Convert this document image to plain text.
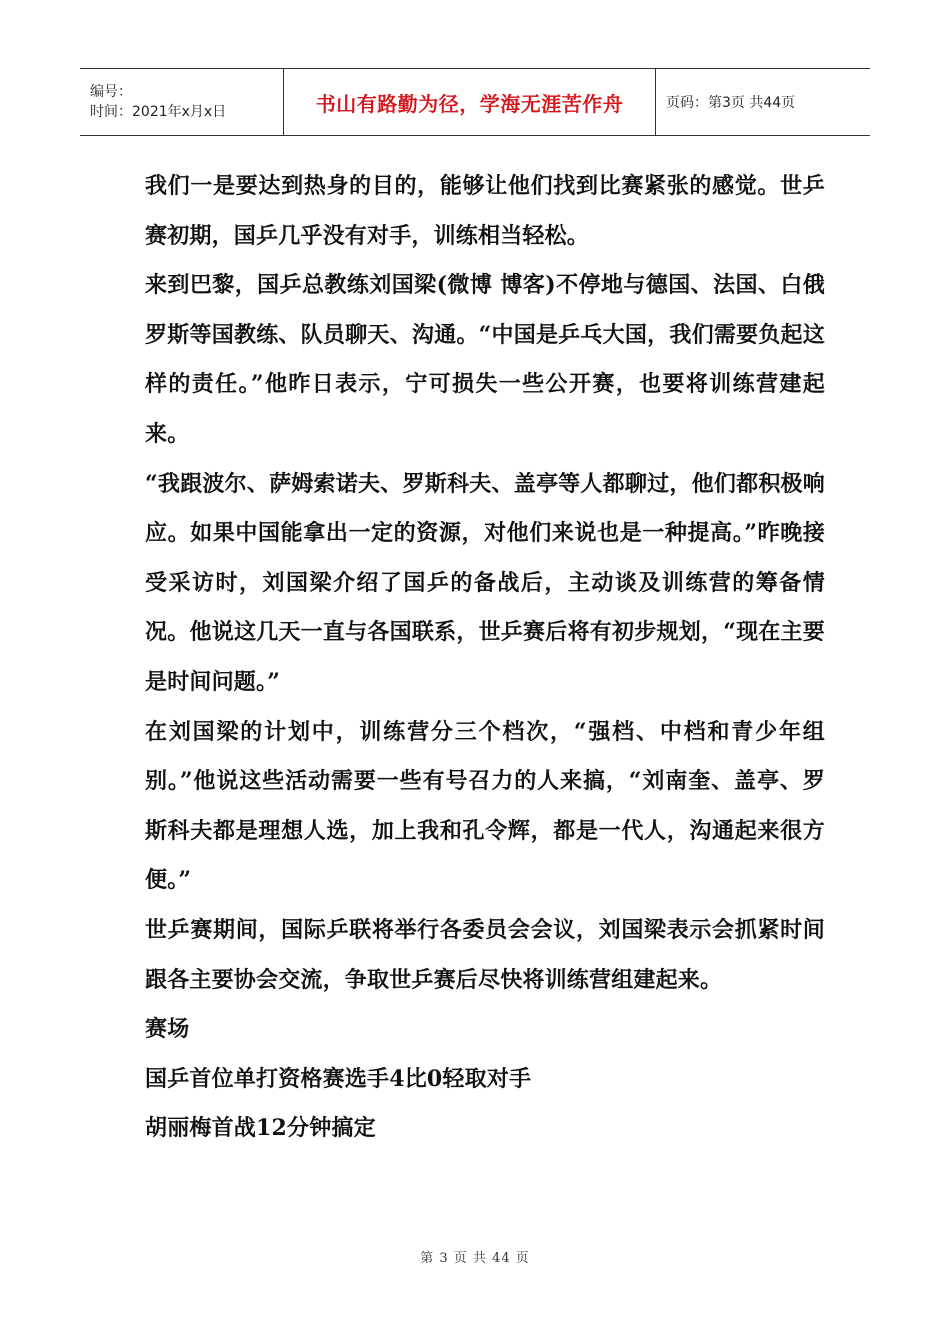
编号：
时间：2021年x月x日	书山有路勤为径，学海无涯苦作舟	页码：第3页 共44页

我们一是要达到热身的目的，能够让他们找到比赛紧张的感觉。世乒赛初期，国乒几乎没有对手，训练相当轻松。

来到巴黎，国乒总教练刘国梁(微博 博客)不停地与德国、法国、白俄罗斯等国教练、队员聊天、沟通。“中国是乒乓大国，我们需要负起这样的责任。”他昨日表示，宁可损失一些公开赛，也要将训练营建起来。

“我跟波尔、萨姆索诺夫、罗斯科夫、盖亭等人都聊过，他们都积极响应。如果中国能拿出一定的资源，对他们来说也是一种提高。”昨晚接受采访时，刘国梁介绍了国乒的备战后，主动谈及训练营的筹备情况。他说这几天一直与各国联系，世乒赛后将有初步规划，“现在主要是时间问题。”

在刘国梁的计划中，训练营分三个档次，“强档、中档和青少年组别。”他说这些活动需要一些有号召力的人来搞，“刘南奎、盖亭、罗斯科夫都是理想人选，加上我和孔令辉，都是一代人，沟通起来很方便。”

世乒赛期间，国际乒联将举行各委员会会议，刘国梁表示会抓紧时间跟各主要协会交流，争取世乒赛后尽快将训练营组建起来。

赛场

国乒首位单打资格赛选手4比0轻取对手

胡丽梅首战12分钟搞定

第 3 页 共 44 页
